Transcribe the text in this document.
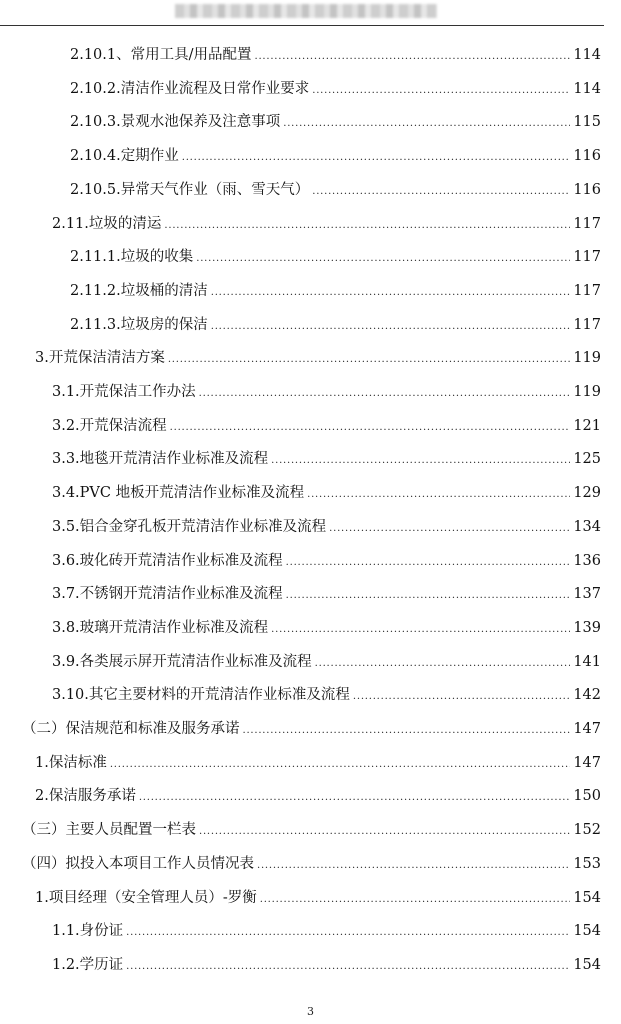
2.10.1、常用工具/用品配置 . . .	114
2.10.2.清洁作业流程及日常作业要求 . . .	114
2.10.3.景观水池保养及注意事项 . . .	115
2.10.4.定期作业 . . .	116
2.10.5.异常天气作业（雨、雪天气） . . .	116
2.11.垃圾的清运 . . .	117
2.11.1.垃圾的收集 . . .	117
2.11.2.垃圾桶的清洁 . . .	117
2.11.3.垃圾房的保洁 . . .	117
3.开荒保洁清洁方案 . . .	119
3.1.开荒保洁工作办法 . . .	119
3.2.开荒保洁流程 . . .	121
3.3.地毯开荒清洁作业标准及流程 . . .	125
3.4.PVC 地板开荒清洁作业标准及流程 . . .	129
3.5.铝合金穿孔板开荒清洁作业标准及流程 . . .	134
3.6.玻化砖开荒清洁作业标准及流程 . . .	136
3.7.不锈钢开荒清洁作业标准及流程 . . .	137
3.8.玻璃开荒清洁作业标准及流程 . . .	139
3.9.各类展示屏开荒清洁作业标准及流程 . . .	141
3.10.其它主要材料的开荒清洁作业标准及流程 . . .	142
（二）保洁规范和标准及服务承诺 . . .	147
1.保洁标准 . . .	147
2.保洁服务承诺 . . .	150
（三）主要人员配置一栏表 . . .	152
（四）拟投入本项目工作人员情况表 . . .	153
1.项目经理（安全管理人员）-罗衡 . . .	154
1.1.身份证 . . .	154
1.2.学历证 . . .	154
3
